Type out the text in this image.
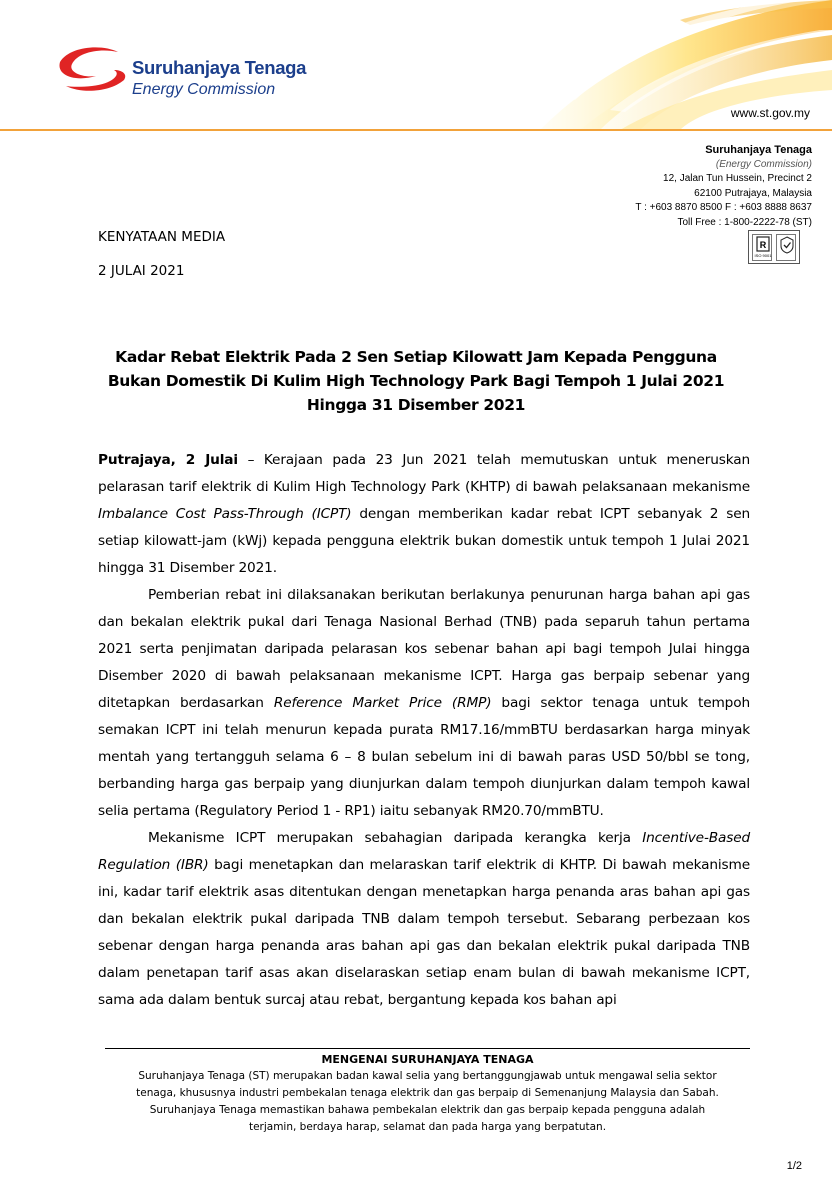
Suruhanjaya Tenaga
Energy Commission
www.st.gov.my
Suruhanjaya Tenaga
(Energy Commission)
12, Jalan Tun Hussein, Precinct 2
62100 Putrajaya, Malaysia
T : +603 8870 8500 F : +603 8888 8637
Toll Free : 1-800-2222-78 (ST)
R
ISO 9001
KENYATAAN MEDIA
2 JULAI 2021
Kadar Rebat Elektrik Pada 2 Sen Setiap Kilowatt Jam Kepada Pengguna Bukan Domestik Di Kulim High Technology Park Bagi Tempoh 1 Julai 2021 Hingga 31 Disember 2021

Putrajaya, 2 Julai – Kerajaan pada 23 Jun 2021 telah memutuskan untuk meneruskan pelarasan tarif elektrik di Kulim High Technology Park (KHTP) di bawah pelaksanaan mekanisme Imbalance Cost Pass-Through (ICPT) dengan memberikan kadar rebat ICPT sebanyak 2 sen setiap kilowatt-jam (kWj) kepada pengguna elektrik bukan domestik untuk tempoh 1 Julai 2021 hingga 31 Disember 2021.

Pemberian rebat ini dilaksanakan berikutan berlakunya penurunan harga bahan api gas dan bekalan elektrik pukal dari Tenaga Nasional Berhad (TNB) pada separuh tahun pertama 2021 serta penjimatan daripada pelarasan kos sebenar bahan api bagi tempoh Julai hingga Disember 2020 di bawah pelaksanaan mekanisme ICPT. Harga gas berpaip sebenar yang ditetapkan berdasarkan Reference Market Price (RMP) bagi sektor tenaga untuk tempoh semakan ICPT ini telah menurun kepada purata RM17.16/mmBTU berdasarkan harga minyak mentah yang tertangguh selama 6 – 8 bulan sebelum ini di bawah paras USD 50/bbl se tong, berbanding harga gas berpaip yang diunjurkan dalam tempoh diunjurkan dalam tempoh kawal selia pertama (Regulatory Period 1 - RP1) iaitu sebanyak RM20.70/mmBTU.

Mekanisme ICPT merupakan sebahagian daripada kerangka kerja Incentive-Based Regulation (IBR) bagi menetapkan dan melaraskan tarif elektrik di KHTP. Di bawah mekanisme ini, kadar tarif elektrik asas ditentukan dengan menetapkan harga penanda aras bahan api gas dan bekalan elektrik pukal daripada TNB dalam tempoh tersebut. Sebarang perbezaan kos sebenar dengan harga penanda aras bahan api gas dan bekalan elektrik pukal daripada TNB dalam penetapan tarif asas akan diselaraskan setiap enam bulan di bawah mekanisme ICPT, sama ada dalam bentuk surcaj atau rebat, bergantung kepada kos bahan api

MENGENAI SURUHANJAYA TENAGA
Suruhanjaya Tenaga (ST) merupakan badan kawal selia yang bertanggungjawab untuk mengawal selia sektor
tenaga, khususnya industri pembekalan tenaga elektrik dan gas berpaip di Semenanjung Malaysia dan Sabah.
Suruhanjaya Tenaga memastikan bahawa pembekalan elektrik dan gas berpaip kepada pengguna adalah
terjamin, berdaya harap, selamat dan pada harga yang berpatutan.
1/2
